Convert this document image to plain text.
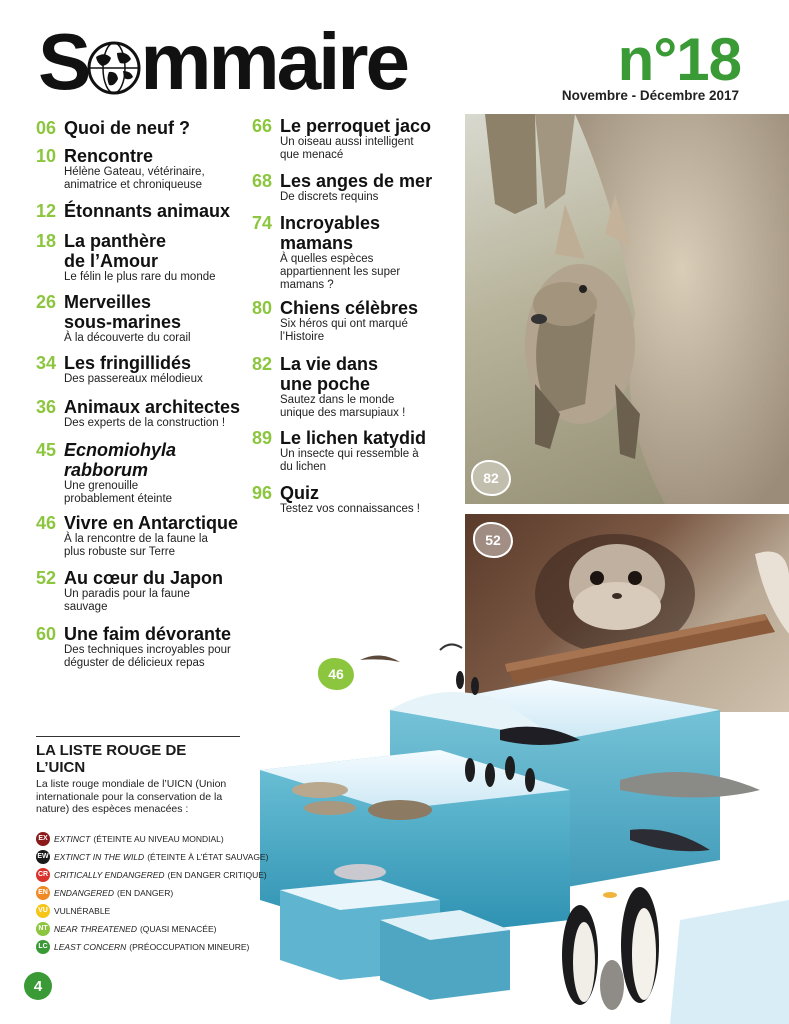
S mmaire	n°18
Novembre - Décembre 2017
06 Quoi de neuf ?
10 Rencontre
Hélène Gateau, vétérinaire, animatrice et chroniqueuse
12 Étonnants animaux
18 La panthère de l’Amour
Le félin le plus rare du monde
26 Merveilles sous-marines
À la découverte du corail
34 Les fringillidés
Des passereaux mélodieux
36 Animaux architectes
Des experts de la construction !
45 Ecnomiohyla rabborum
Une grenouille probablement éteinte
46 Vivre en Antarctique
À la rencontre de la faune la plus robuste sur Terre
52 Au cœur du Japon
Un paradis pour la faune sauvage
60 Une faim dévorante
Des techniques incroyables pour déguster de délicieux repas
66 Le perroquet jaco
Un oiseau aussi intelligent que menacé
68 Les anges de mer
De discrets requins
74 Incroyables mamans
À quelles espèces appartiennent les super mamans ?
80 Chiens célèbres
Six héros qui ont marqué l’Histoire
82 La vie dans une poche
Sautez dans le monde unique des marsupiaux !
89 Le lichen katydid
Un insecte qui ressemble à du lichen
96 Quiz
Testez vos connaissances !
82
52
46
LA LISTE ROUGE DE L’UICN
La liste rouge mondiale de l’UICN (Union internationale pour la conservation de la nature) des espèces menacées :
EX EXTINCT (ÉTEINTE AU NIVEAU MONDIAL)
EW EXTINCT IN THE WILD (ÉTEINTE À L’ÉTAT SAUVAGE)
CR CRITICALLY ENDANGERED (EN DANGER CRITIQUE)
EN ENDANGERED (EN DANGER)
VU VULNÉRABLE
NT NEAR THREATENED (QUASI MENACÉE)
LC LEAST CONCERN (PRÉOCCUPATION MINEURE)
4
